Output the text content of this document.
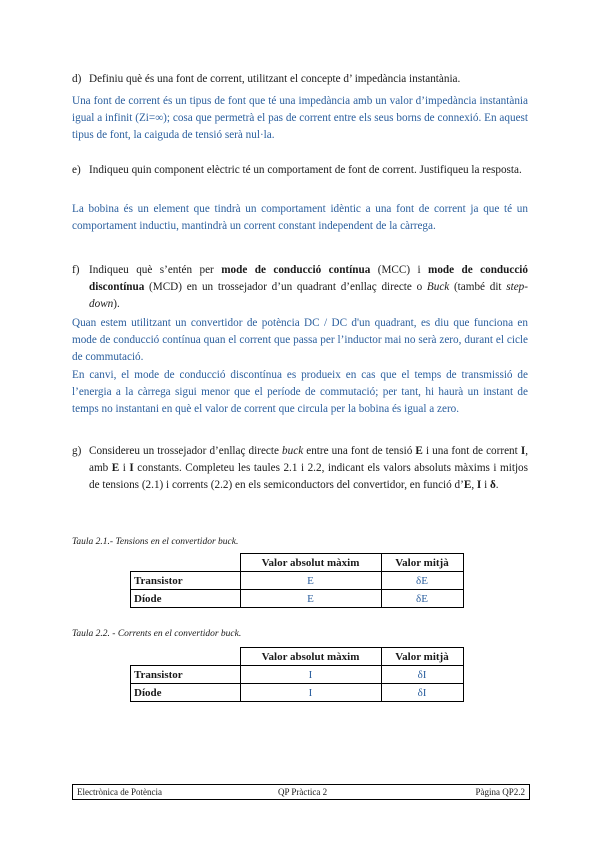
d) Definiu què és una font de corrent, utilitzant el concepte d’ impedància instantània.
Una font de corrent és un tipus de font que té una impedància amb un valor d’impedància instantània igual a infinit (Zi=∞); cosa que permetrà el pas de corrent entre els seus borns de connexió. En aquest tipus de font, la caiguda de tensió serà nul·la.
e) Indiqueu quin component elèctric té un comportament de font de corrent. Justifiqueu la resposta.
La bobina és un element que tindrà un comportament idèntic a una font de corrent ja que té un comportament inductiu, mantindrà un corrent constant independent de la càrrega.
f) Indiqueu què s’entén per mode de conducció contínua (MCC) i mode de conducció discontínua (MCD) en un trossejador d’un quadrant d’enllaç directe o Buck (també dit step-down).
Quan estem utilitzant un convertidor de potència DC / DC d'un quadrant, es diu que funciona en mode de conducció contínua quan el corrent que passa per l’inductor mai no serà zero, durant el cicle de commutació.
En canvi, el mode de conducció discontínua es produeix en cas que el temps de transmissió de l’energia a la càrrega sigui menor que el període de commutació; per tant, hi haurà un instant de temps no instantani en què el valor de corrent que circula per la bobina és igual a zero.
g) Considereu un trossejador d’enllaç directe buck entre una font de tensió E i una font de corrent I, amb E i I constants. Completeu les taules 2.1 i 2.2, indicant els valors absoluts màxims i mitjos de tensions (2.1) i corrents (2.2) en els semiconductors del convertidor, en funció d’E, I i δ.
Taula 2.1.- Tensions en el convertidor buck.
	Valor absolut màxim	Valor mitjà
Transistor	E	δE
Díode	E	δE
Taula 2.2. - Corrents en el convertidor buck.
	Valor absolut màxim	Valor mitjà
Transistor	I	δI
Díode	I	δI
Electrònica de Potència	QP Pràctica 2	Pàgina QP2.2
